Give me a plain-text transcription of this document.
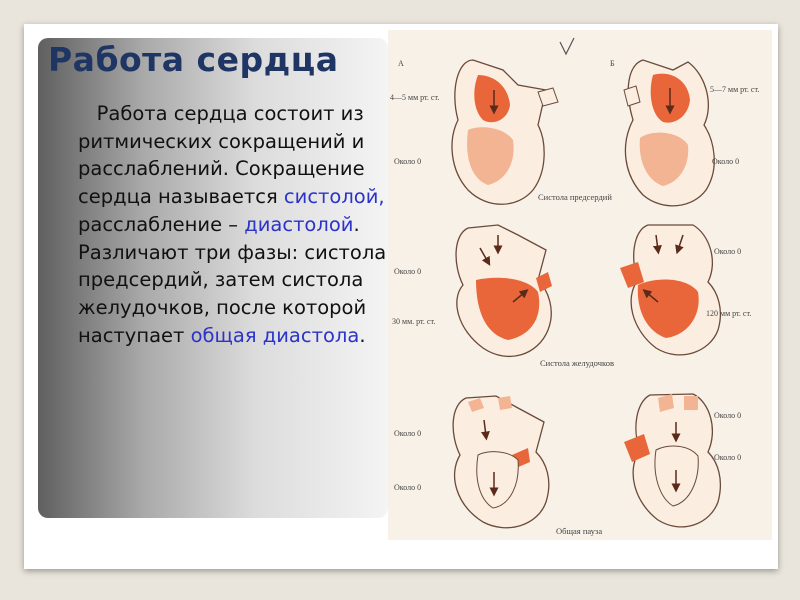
Работа сердца
Работа сердца состоит из ритмических сокращений и расслаблений. Сокращение сердца называется систолой, расслабление – диастолой. Различают три фазы: систола предсердий, затем систола желудочков, после которой наступает общая диастола.
А	Б
4—5 мм рт. ст.
Около 0
5—7 мм рт. ст.
Около 0
Систола предсердий
Около 0
30 мм. рт. ст.
Около 0
120 мм рт. ст.
Систола желудочков
Около 0
Около 0
Около 0
Около 0
Общая пауза
